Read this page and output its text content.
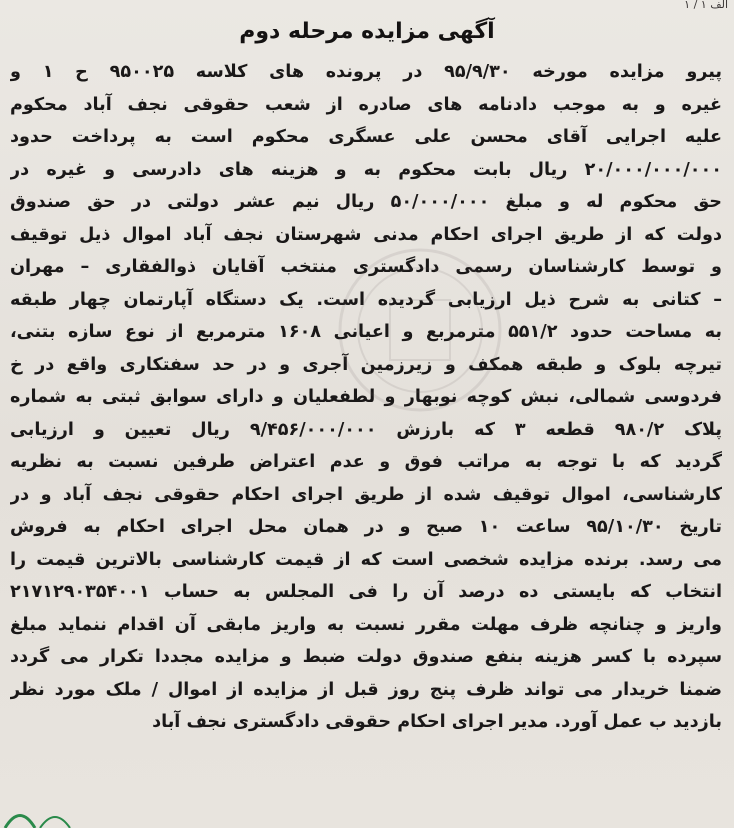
الف ۱ / ۱
آگهی مزایده مرحله دوم
پیرو مزایده مورخه ۹۵/۹/۳۰ در پرونده های کلاسه ۹۵۰۰۲۵ ح ۱ و
غیره و به موجب دادنامه های صادره از شعب حقوقی نجف آباد محکوم
علیه اجرایی آقای محسن علی عسگری محکوم است به پرداخت حدود
۲۰/۰۰۰/۰۰۰/۰۰۰ ریال بابت محکوم به و هزینه های دادرسی و غیره در
حق محکوم له و مبلغ ۵۰/۰۰۰/۰۰۰ ریال نیم عشر دولتی در حق صندوق
دولت که از طریق اجرای احکام مدنی شهرستان نجف آباد اموال ذیل توقیف
و توسط کارشناسان رسمی دادگستری منتخب آقایان ذوالفقاری – مهران
– کتانی به شرح ذیل ارزیابی گردیده است. یک دستگاه آپارتمان چهار طبقه
به مساحت حدود ۵۵۱/۲ مترمربع و اعیانی ۱۶۰۸ مترمربع از نوع سازه بتنی،
تیرچه بلوک و طبقه همکف و زیرزمین آجری و در حد سفتکاری واقع در خ
فردوسی شمالی، نبش کوچه نوبهار و لطفعلیان و دارای سوابق ثبتی به شماره
پلاک ۹۸۰/۲ قطعه ۳ که بارزش ۹/۴۵۶/۰۰۰/۰۰۰ ریال تعیین و ارزیابی
گردید که با توجه به مراتب فوق و عدم اعتراض طرفین نسبت به نظریه
کارشناسی، اموال توقیف شده از طریق اجرای احکام حقوقی نجف آباد و در
تاریخ ۹۵/۱۰/۳۰ ساعت ۱۰ صبح و در همان محل اجرای احکام به فروش
می رسد. برنده مزایده شخصی است که از قیمت کارشناسی بالاترین قیمت را
انتخاب که بایستی ده درصد آن را فی المجلس به حساب ۲۱۷۱۲۹۰۳۵۴۰۰۱
واریز و چنانچه ظرف مهلت مقرر نسبت به واریز مابقی آن اقدام ننماید مبلغ
سپرده با کسر هزینه بنفع صندوق دولت ضبط و مزایده مجددا تکرار می گردد
ضمنا خریدار می تواند ظرف پنج روز قبل از مزایده از اموال / ملک مورد نظر
بازدید ب عمل آورد. مدیر اجرای احکام حقوقی دادگستری نجف آباد
